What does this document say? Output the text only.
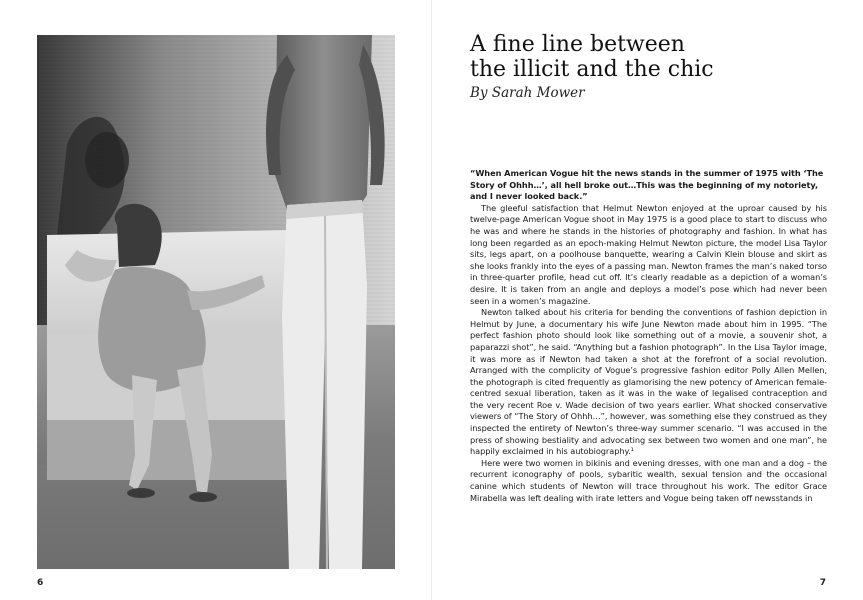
6	7
A fine line between
the illicit and the chic
By Sarah Mower

“When American Vogue hit the news stands in the summer of 1975 with ‘The Story of Ohhh…’, all hell broke out…This was the beginning of my notoriety, and I never looked back.”

The gleeful satisfaction that Helmut Newton enjoyed at the uproar caused by his twelve-page American Vogue shoot in May 1975 is a good place to start to discuss who he was and where he stands in the histories of photography and fashion. In what has long been regarded as an epoch-making Helmut Newton picture, the model Lisa Taylor sits, legs apart, on a poolhouse banquette, wearing a Calvin Klein blouse and skirt as she looks frankly into the eyes of a passing man. Newton frames the man’s naked torso in three-quarter profile, head cut off. It’s clearly readable as a depiction of a woman’s desire. It is taken from an angle and deploys a model’s pose which had never been seen in a women’s magazine.

Newton talked about his criteria for bending the conventions of fashion depiction in Helmut by June, a documentary his wife June Newton made about him in 1995. “The perfect fashion photo should look like something out of a movie, a souvenir shot, a paparazzi shot”, he said. “Anything but a fashion photograph”. In the Lisa Taylor image, it was more as if Newton had taken a shot at the forefront of a social revolution. Arranged with the complicity of Vogue’s progressive fashion editor Polly Allen Mellen, the photograph is cited frequently as glamorising the new potency of American female-centred sexual liberation, taken as it was in the wake of legalised contraception and the very recent Roe v. Wade decision of two years earlier. What shocked conservative viewers of “The Story of Ohhh…”, however, was something else they construed as they inspected the entirety of Newton’s three-way summer scenario. “I was accused in the press of showing bestiality and advocating sex between two women and one man”, he happily exclaimed in his autobiography.¹

Here were two women in bikinis and evening dresses, with one man and a dog – the recurrent iconography of pools, sybaritic wealth, sexual tension and the occasional canine which students of Newton will trace throughout his work. The editor Grace Mirabella was left dealing with irate letters and Vogue being taken off newsstands in
